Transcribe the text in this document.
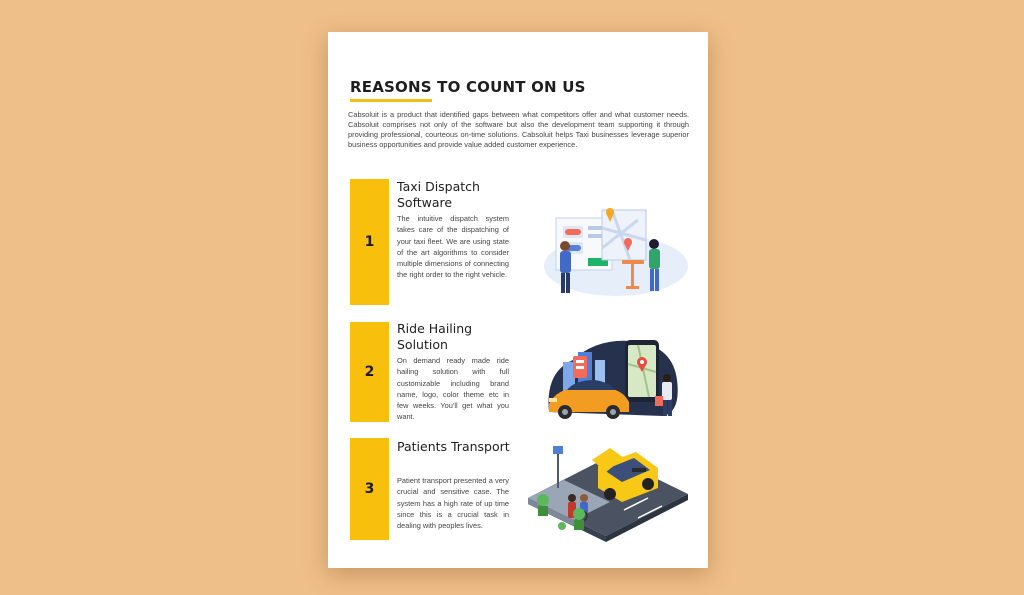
REASONS TO COUNT ON US
Cabsoluit is a product that identified gaps between what competitors offer and what customer needs. Cabsoluit comprises not only of the software but also the development team supporting it through providing professional, courteous on-time solutions. Cabsoluit helps Taxi businesses leverage superior business opportunities and provide value added customer experience.
1
Taxi Dispatch Software
The intuitive dispatch system takes care of the dispatching of your taxi fleet. We are using state of the art algorithms to consider multiple dimensions of connecting the right order to the right vehicle.
2
Ride Hailing Solution
On demand ready made ride hailing solution with full customizable including brand name, logo, color theme etc in few weeks. You'll get what you want.
3
Patients Transport
Patient transport presented a very crucial and sensitive case. The system has a high rate of up time since this is a crucial task in dealing with peoples lives.
